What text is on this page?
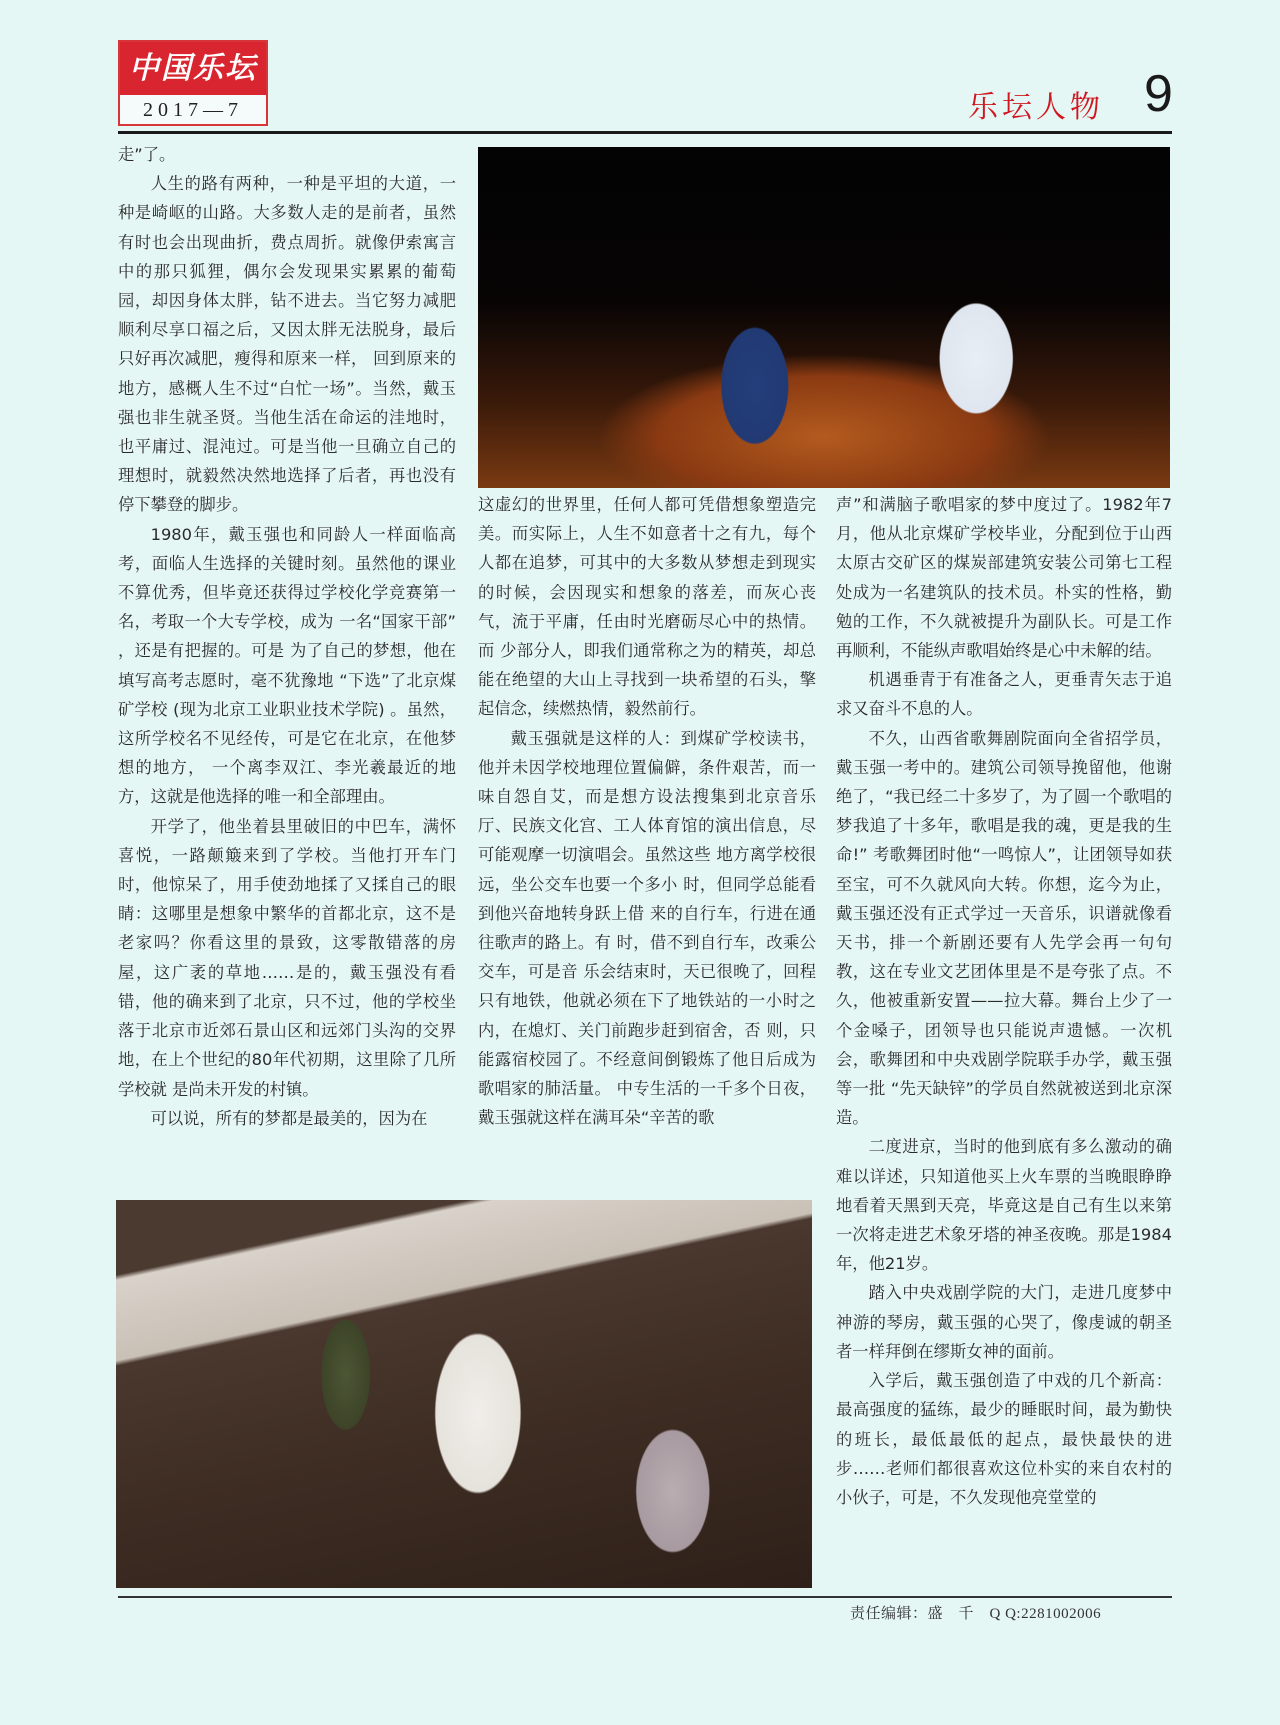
中国乐坛
2017—7	乐坛人物 9

走”了。

人生的路有两种，一种是平坦的大道，一种是崎岖的山路。大多数人走的是前者，虽然有时也会出现曲折，费点周折。就像伊索寓言中的那只狐狸，偶尔会发现果实累累的葡萄园，却因身体太胖，钻不进去。当它努力减肥顺利尽享口福之后，又因太胖无法脱身，最后只好再次减肥，瘦得和原来一样， 回到原来的地方，感概人生不过“白忙一场”。当然，戴玉强也非生就圣贤。当他生活在命运的洼地时，也平庸过、混沌过。可是当他一旦确立自己的理想时，就毅然决然地选择了后者，再也没有停下攀登的脚步。

1980年，戴玉强也和同龄人一样面临高考，面临人生选择的关键时刻。虽然他的课业不算优秀，但毕竟还获得过学校化学竞赛第一名，考取一个大专学校，成为 一名“国家干部” ，还是有把握的。可是 为了自己的梦想，他在填写高考志愿时，毫不犹豫地 “下选”了北京煤矿学校 (现为北京工业职业技术学院) 。虽然，这所学校名不见经传，可是它在北京，在他梦想的地方， 一个离李双江、李光羲最近的地方，这就是他选择的唯一和全部理由。

开学了，他坐着县里破旧的中巴车，满怀喜悦，一路颠簸来到了学校。当他打开车门时，他惊呆了，用手使劲地揉了又揉自己的眼睛：这哪里是想象中繁华的首都北京，这不是老家吗？你看这里的景致，这零散错落的房屋，这广袤的草地……是的，戴玉强没有看错，他的确来到了北京，只不过，他的学校坐落于北京市近郊石景山区和远郊门头沟的交界地，在上个世纪的80年代初期，这里除了几所学校就 是尚未开发的村镇。

可以说，所有的梦都是最美的，因为在

这虚幻的世界里，任何人都可凭借想象塑造完美。而实际上，人生不如意者十之有九，每个人都在追梦，可其中的大多数从梦想走到现实的时候，会因现实和想象的落差，而灰心丧气，流于平庸，任由时光磨砺尽心中的热情。而 少部分人，即我们通常称之为的精英，却总能在绝望的大山上寻找到一块希望的石头，擎起信念，续燃热情，毅然前行。

戴玉强就是这样的人：到煤矿学校读书，他并未因学校地理位置偏僻，条件艰苦，而一味自怨自艾，而是想方设法搜集到北京音乐厅、民族文化宫、工人体育馆的演出信息，尽可能观摩一切演唱会。虽然这些 地方离学校很远，坐公交车也要一个多小 时，但同学总能看到他兴奋地转身跃上借 来的自行车，行进在通往歌声的路上。有 时，借不到自行车，改乘公交车，可是音 乐会结束时，天已很晚了，回程只有地铁，他就必须在下了地铁站的一小时之内，在熄灯、关门前跑步赶到宿舍，否 则，只能露宿校园了。不经意间倒锻炼了他日后成为歌唱家的肺活量。 中专生活的一千多个日夜，戴玉强就这样在满耳朵“辛苦的歌

声”和满脑子歌唱家的梦中度过了。1982年7月，他从北京煤矿学校毕业，分配到位于山西太原古交矿区的煤炭部建筑安装公司第七工程处成为一名建筑队的技术员。朴实的性格，勤勉的工作，不久就被提升为副队长。可是工作再顺利，不能纵声歌唱始终是心中未解的结。

机遇垂青于有准备之人，更垂青矢志于追求又奋斗不息的人。

不久，山西省歌舞剧院面向全省招学员，戴玉强一考中的。建筑公司领导挽留他，他谢绝了，“我已经二十多岁了，为了圆一个歌唱的梦我追了十多年，歌唱是我的魂，更是我的生命!” 考歌舞团时他“一鸣惊人”，让团领导如获至宝，可不久就风向大转。你想，迄今为止，戴玉强还没有正式学过一天音乐，识谱就像看天书，排一个新剧还要有人先学会再一句句教，这在专业文艺团体里是不是夸张了点。不久，他被重新安置——拉大幕。舞台上少了一个金嗓子，团领导也只能说声遗憾。一次机会，歌舞团和中央戏剧学院联手办学，戴玉强等一批 “先天缺锌”的学员自然就被送到北京深造。

二度进京，当时的他到底有多么激动的确难以详述，只知道他买上火车票的当晚眼睁睁地看着天黑到天亮，毕竟这是自己有生以来第一次将走进艺术象牙塔的神圣夜晚。那是1984年，他21岁。

踏入中央戏剧学院的大门，走进几度梦中神游的琴房，戴玉强的心哭了，像虔诚的朝圣者一样拜倒在缪斯女神的面前。

入学后，戴玉强创造了中戏的几个新高：最高强度的猛练，最少的睡眠时间，最为勤快的班长，最低最低的起点，最快最快的进步……老师们都很喜欢这位朴实的来自农村的小伙子，可是，不久发现他亮堂堂的

责任编辑：盛　千　Q Q:2281002006
